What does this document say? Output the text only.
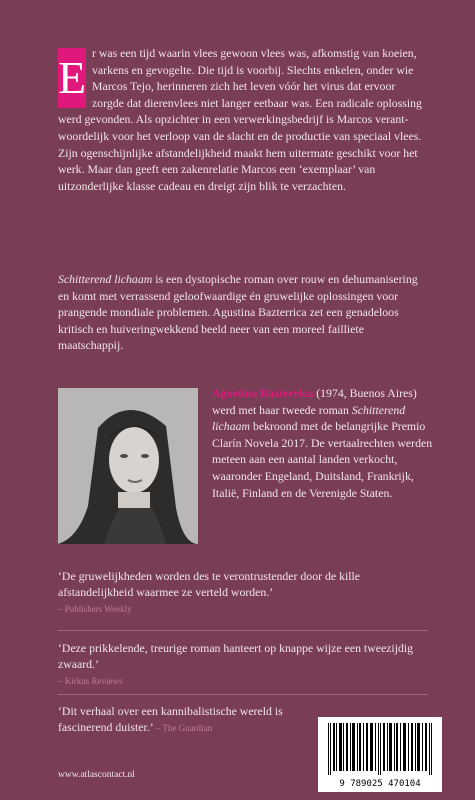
E r was een tijd waarin vlees gewoon vlees was, afkomstig van koeien, varkens en gevogelte. Die tijd is voorbij. Slechts enkelen, onder wie Marcos Tejo, herinneren zich het leven vóór het virus dat ervoor zorgde dat dierenvlees niet langer eetbaar was. Een radicale oplossing werd gevonden. Als opzichter in een verwerkingsbedrijf is Marcos verantwoordelijk voor het verloop van de slacht en de productie van speciaal vlees. Zijn ogenschijnlijke afstandelijkheid maakt hem uitermate geschikt voor het werk. Maar dan geeft een zakenrelatie Marcos een ‘exemplaar’ van uitzonderlijke klasse cadeau en dreigt zijn blik te verzachten.

Schitterend lichaam is een dystopische roman over rouw en dehumanisering en komt met verrassend geloofwaardige én gruwelijke oplossingen voor prangende mondiale problemen. Agustina Bazterrica zet een genadeloos kritisch en huiveringwekkend beeld neer van een moreel failliete maatschappij.

Agustina Bazterrica (1974, Buenos Aires) werd met haar tweede roman Schitterend lichaam bekroond met de belangrijke Premio Clarín Novela 2017. De vertaalrechten werden meteen aan een aantal landen verkocht, waaronder Engeland, Duitsland, Frankrijk, Italië, Finland en de Verenigde Staten.

‘De gruwelijkheden worden des te verontrustender door de kille afstandelijkheid waarmee ze verteld worden.’
– Publishers Weekly

‘Deze prikkelende, treurige roman hanteert op knappe wijze een tweezijdig zwaard.’
– Kirkus Reviews

‘Dit verhaal over een kannibalistische wereld is fascinerend duister.’ – The Guardian

www.atlascontact.nl
9 789025 470104
